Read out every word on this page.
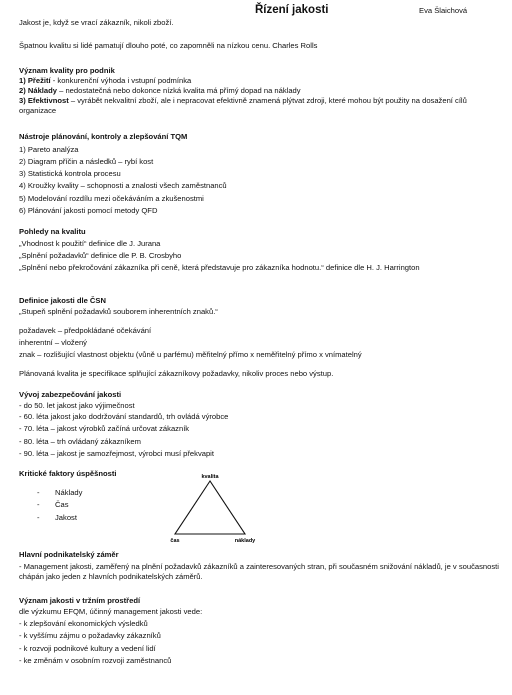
Řízení jakosti	Eva Šlaichová
Jakost je, když se vrací zákazník, nikoli zboží.
Špatnou kvalitu si lidé pamatují dlouho poté, co zapomněli na nízkou cenu. Charles Rolls
Význam kvality pro podnik
1) Přežití - konkurenční výhoda i vstupní podmínka
2) Náklady – nedostatečná nebo dokonce nízká kvalita má přímý dopad na náklady
3) Efektivnost – vyrábět nekvalitní zboží, ale i nepracovat efektivně znamená plýtvat zdroji, které mohou být použity na dosažení cílů organizace
Nástroje plánování, kontroly a zlepšování TQM
1) Pareto analýza
2) Diagram příčin a následků – rybí kost
3) Statistická kontrola procesu
4) Kroužky kvality – schopnosti a znalosti všech zaměstnanců
5) Modelování rozdílu mezi očekáváním a zkušenostmi
6) Plánování jakosti pomocí metody QFD
Pohledy na kvalitu
„Vhodnost k použití“ definice dle J. Jurana
„Splnění požadavků“ definice dle P. B. Crosbyho
„Splnění nebo překročování zákazníka při ceně, která představuje pro zákazníka hodnotu.“ definice dle H. J. Harrington
Definice jakosti dle ČSN
„Stupeň splnění požadavků souborem inherentních znaků.“
požadavek – předpokládané očekávání
inherentní – vložený
znak – rozlišující vlastnost objektu (vůně u parfému) měřitelný přímo x neměřitelný přímo x vnímatelný
Plánovaná kvalita je specifikace splňující zákazníkovy požadavky, nikoliv proces nebo výstup.
Vývoj zabezpečování jakosti
- do 50. let jakost jako výjimečnost
- 60. léta jakost jako dodržování standardů, trh ovládá výrobce
- 70. léta – jakost výrobků začíná určovat zákazník
- 80. léta – trh ovládaný zákazníkem
- 90. léta – jakost je samozřejmost, výrobci musí překvapit
Kritické faktory úspěšnosti
- Náklady
- Čas
- Jakost
kvalita
čas	náklady
Hlavní podnikatelský záměr
- Management jakosti, zaměřený na plnění požadavků zákazníků a zainteresovaných stran, při současném snižování nákladů, je v současnosti chápán jako jeden z hlavních podnikatelských záměrů.
Význam jakosti v tržním prostředí
dle výzkumu EFQM, účinný management jakosti vede:
- k zlepšování ekonomických výsledků
- k vyššímu zájmu o požadavky zákazníků
- k rozvoji podnikové kultury a vedení lidí
- ke změnám v osobním rozvoji zaměstnanců
